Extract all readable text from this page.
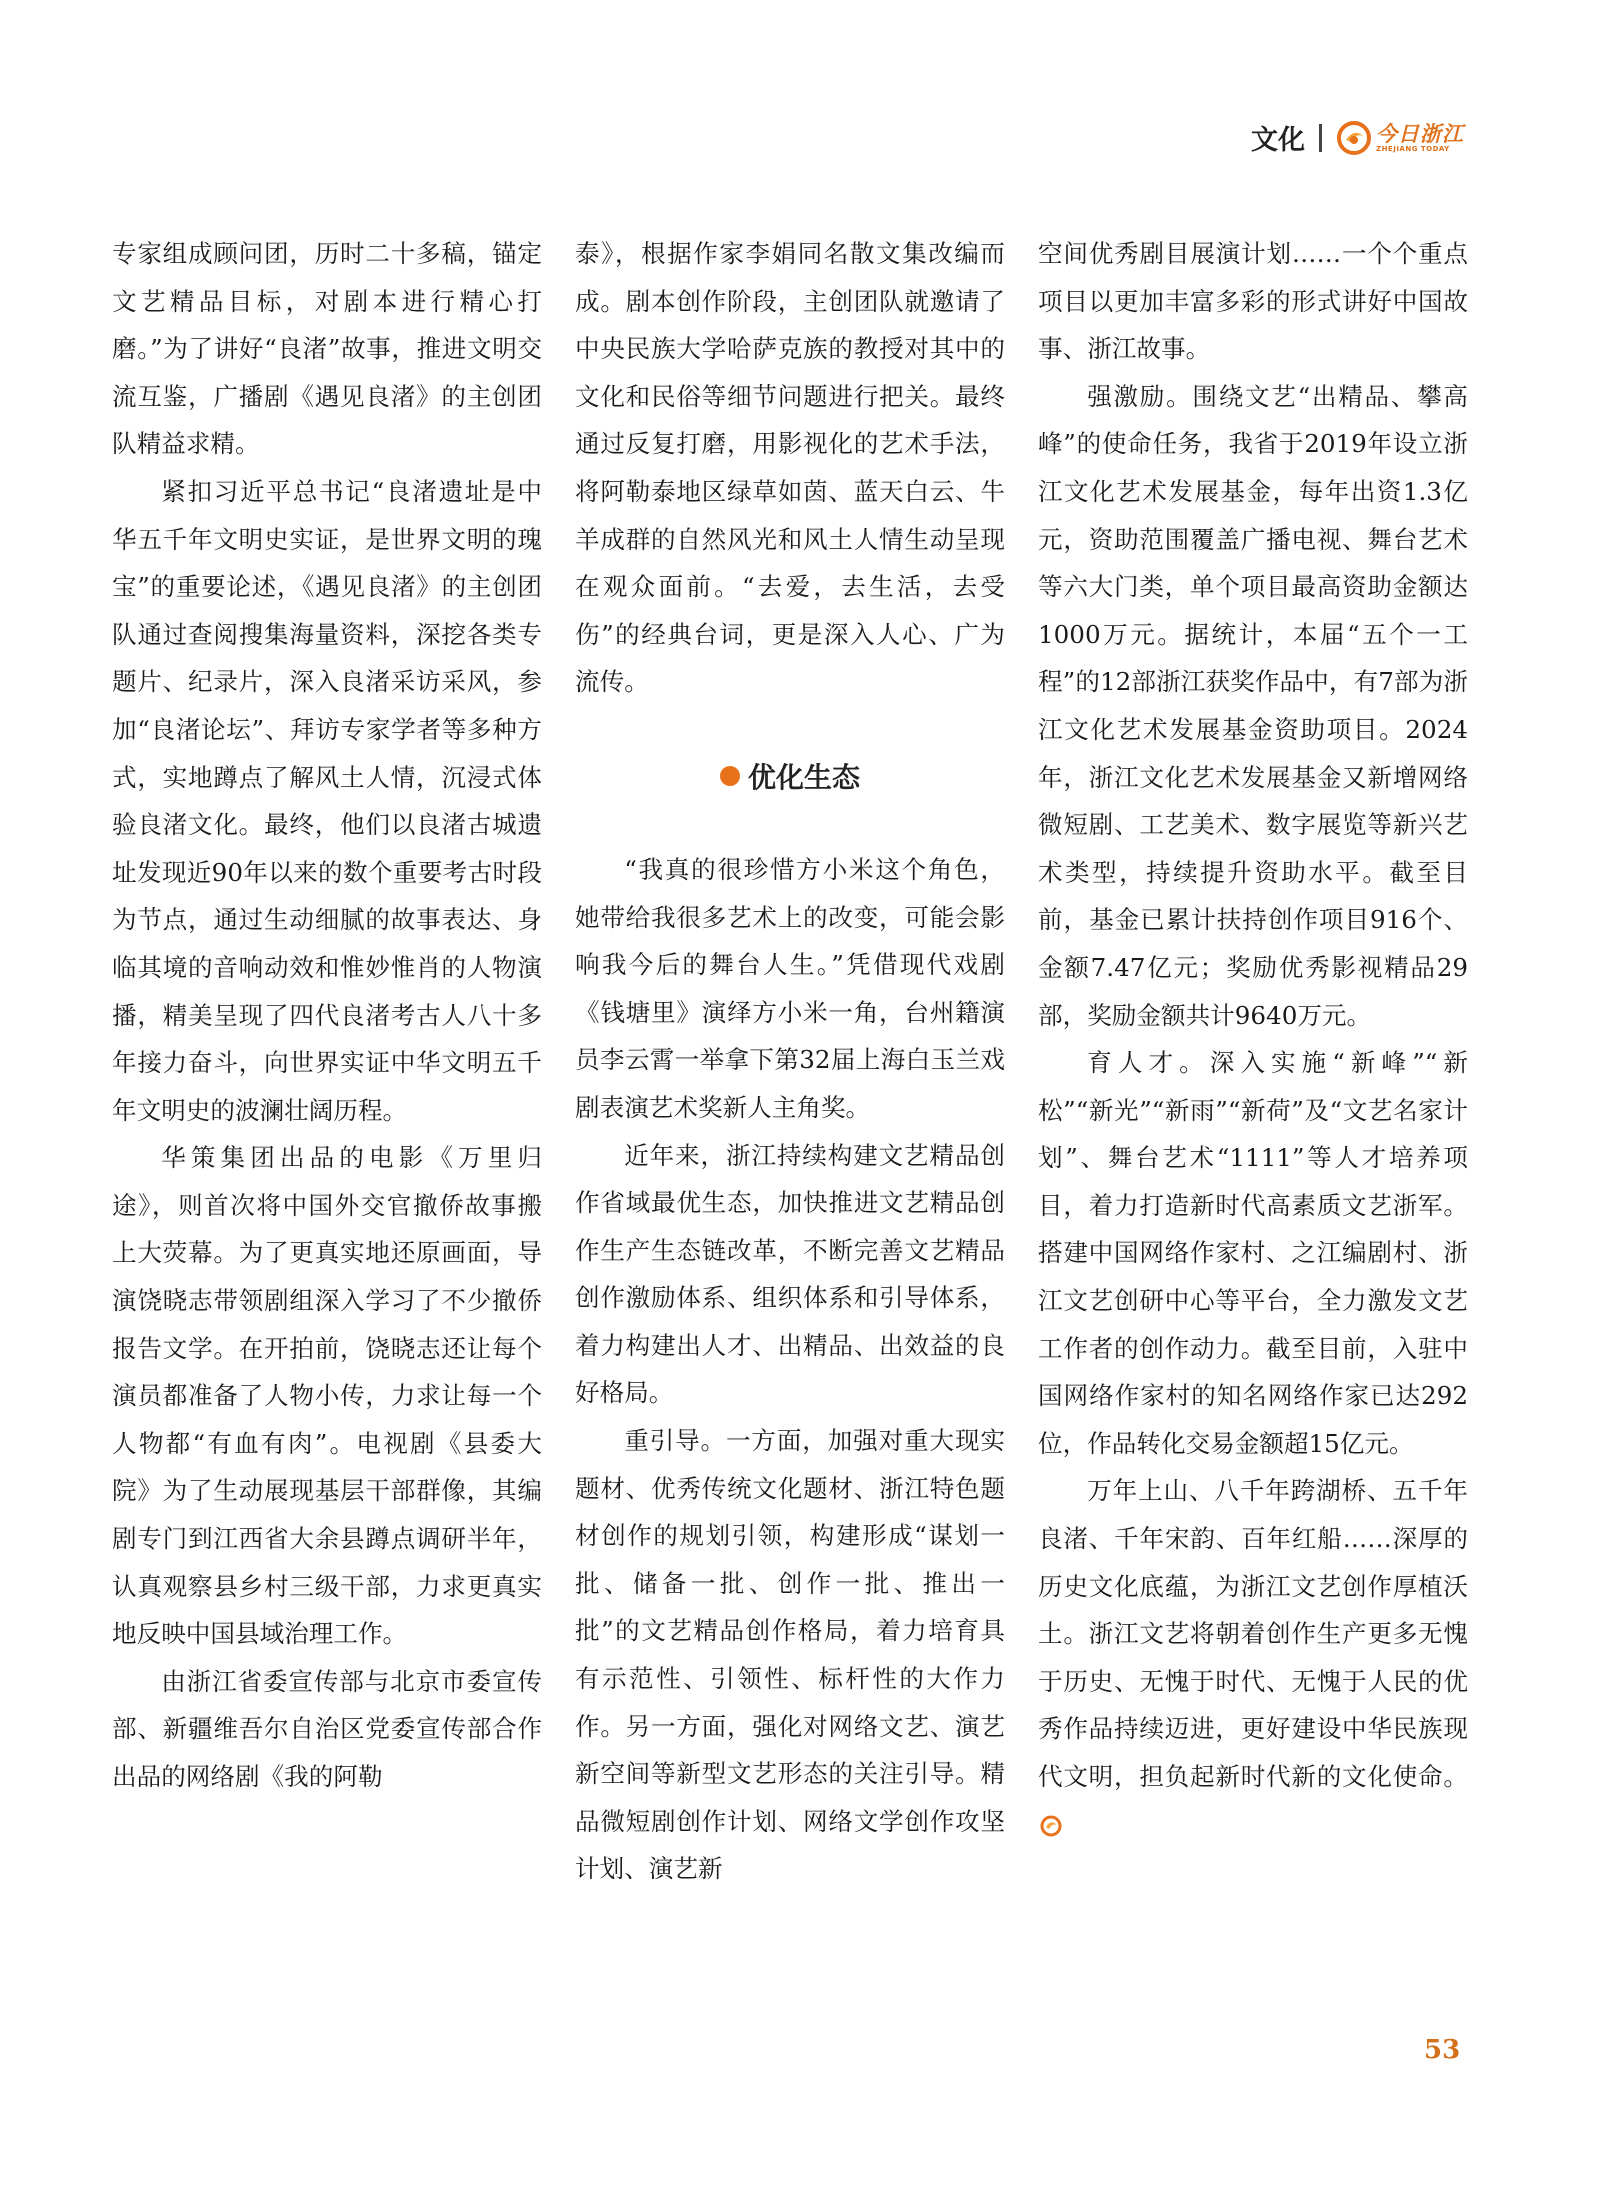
文化	今日浙江
ZHEJIANG TODAY

专家组成顾问团，历时二十多稿，锚定文艺精品目标，对剧本进行精心打磨。”为了讲好“良渚”故事，推进文明交流互鉴，广播剧《遇见良渚》的主创团队精益求精。

紧扣习近平总书记“良渚遗址是中华五千年文明史实证，是世界文明的瑰宝”的重要论述，《遇见良渚》的主创团队通过查阅搜集海量资料，深挖各类专题片、纪录片，深入良渚采访采风，参加“良渚论坛”、拜访专家学者等多种方式，实地蹲点了解风土人情，沉浸式体验良渚文化。最终，他们以良渚古城遗址发现近90年以来的数个重要考古时段为节点，通过生动细腻的故事表达、身临其境的音响动效和惟妙惟肖的人物演播，精美呈现了四代良渚考古人八十多年接力奋斗，向世界实证中华文明五千年文明史的波澜壮阔历程。

华策集团出品的电影《万里归途》，则首次将中国外交官撤侨故事搬上大荧幕。为了更真实地还原画面，导演饶晓志带领剧组深入学习了不少撤侨报告文学。在开拍前，饶晓志还让每个演员都准备了人物小传，力求让每一个人物都“有血有肉”。电视剧《县委大院》为了生动展现基层干部群像，其编剧专门到江西省大余县蹲点调研半年，认真观察县乡村三级干部，力求更真实地反映中国县域治理工作。

由浙江省委宣传部与北京市委宣传部、新疆维吾尔自治区党委宣传部合作出品的网络剧《我的阿勒

泰》，根据作家李娟同名散文集改编而成。剧本创作阶段，主创团队就邀请了中央民族大学哈萨克族的教授对其中的文化和民俗等细节问题进行把关。最终通过反复打磨，用影视化的艺术手法，将阿勒泰地区绿草如茵、蓝天白云、牛羊成群的自然风光和风土人情生动呈现在观众面前。“去爱，去生活，去受伤”的经典台词，更是深入人心、广为流传。

优化生态

“我真的很珍惜方小米这个角色，她带给我很多艺术上的改变，可能会影响我今后的舞台人生。”凭借现代戏剧《钱塘里》演绎方小米一角，台州籍演员李云霄一举拿下第32届上海白玉兰戏剧表演艺术奖新人主角奖。

近年来，浙江持续构建文艺精品创作省域最优生态，加快推进文艺精品创作生产生态链改革，不断完善文艺精品创作激励体系、组织体系和引导体系，着力构建出人才、出精品、出效益的良好格局。

重引导。一方面，加强对重大现实题材、优秀传统文化题材、浙江特色题材创作的规划引领，构建形成“谋划一批、储备一批、创作一批、推出一批”的文艺精品创作格局，着力培育具有示范性、引领性、标杆性的大作力作。另一方面，强化对网络文艺、演艺新空间等新型文艺形态的关注引导。精品微短剧创作计划、网络文学创作攻坚计划、演艺新

空间优秀剧目展演计划……一个个重点项目以更加丰富多彩的形式讲好中国故事、浙江故事。

强激励。围绕文艺“出精品、攀高峰”的使命任务，我省于2019年设立浙江文化艺术发展基金，每年出资1.3亿元，资助范围覆盖广播电视、舞台艺术等六大门类，单个项目最高资助金额达1000万元。据统计，本届“五个一工程”的12部浙江获奖作品中，有7部为浙江文化艺术发展基金资助项目。2024年，浙江文化艺术发展基金又新增网络微短剧、工艺美术、数字展览等新兴艺术类型，持续提升资助水平。截至目前，基金已累计扶持创作项目916个、金额7.47亿元；奖励优秀影视精品29部，奖励金额共计9640万元。

育人才。深入实施“新峰”“新松”“新光”“新雨”“新荷”及“文艺名家计划”、舞台艺术“1111”等人才培养项目，着力打造新时代高素质文艺浙军。搭建中国网络作家村、之江编剧村、浙江文艺创研中心等平台，全力激发文艺工作者的创作动力。截至目前，入驻中国网络作家村的知名网络作家已达292位，作品转化交易金额超15亿元。

万年上山、八千年跨湖桥、五千年良渚、千年宋韵、百年红船……深厚的历史文化底蕴，为浙江文艺创作厚植沃土。浙江文艺将朝着创作生产更多无愧于历史、无愧于时代、无愧于人民的优秀作品持续迈进，更好建设中华民族现代文明，担负起新时代新的文化使命。

53
